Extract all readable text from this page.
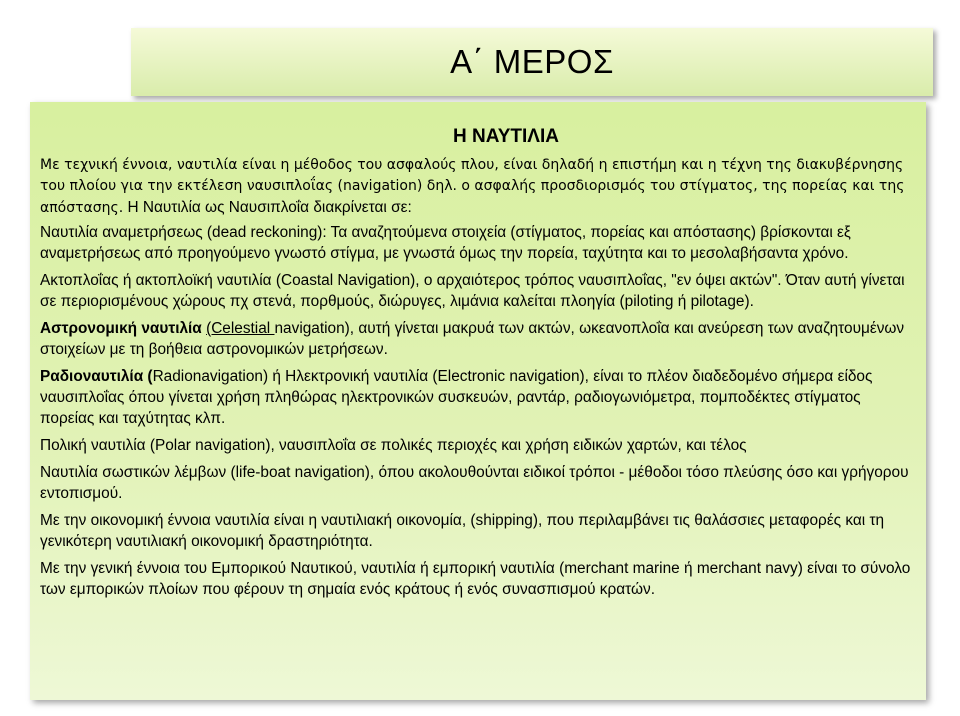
Α΄ ΜΕΡΟΣ
Η ΝΑΥΤΙΛΙΑ

Με τεχνική έννοια, ναυτιλία είναι η μέθοδος του ασφαλούς πλου, είναι δηλαδή η επιστήμη και η τέχνη της διακυβέρνησης του πλοίου για την εκτέλεση ναυσιπλοΐας (navigation) δηλ. ο ασφαλής προσδιορισμός του στίγματος, της πορείας και της απόστασης. Η Ναυτιλία ως Ναυσιπλοΐα διακρίνεται σε:

Ναυτιλία αναμετρήσεως (dead reckoning): Τα αναζητούμενα στοιχεία (στίγματος, πορείας και απόστασης) βρίσκονται εξ αναμετρήσεως από προηγούμενο γνωστό στίγμα, με γνωστά όμως την πορεία, ταχύτητα και το μεσολαβήσαντα χρόνο.

Ακτοπλοΐας ή ακτοπλοϊκή ναυτιλία (Coastal Navigation), ο αρχαιότερος τρόπος ναυσιπλοΐας, "εν όψει ακτών". Όταν αυτή γίνεται σε περιορισμένους χώρους πχ στενά, πορθμούς, διώρυγες, λιμάνια καλείται πλοηγία (piloting ή pilotage).

Αστρονομική ναυτιλία (Celestial navigation), αυτή γίνεται μακρυά των ακτών, ωκεανοπλοΐα και ανεύρεση των αναζητουμένων στοιχείων με τη βοήθεια αστρονομικών μετρήσεων.

Ραδιοναυτιλία (Radionavigation) ή Ηλεκτρονική ναυτιλία (Electronic navigation), είναι το πλέον διαδεδομένο σήμερα είδος ναυσιπλοΐας όπου γίνεται χρήση πληθώρας ηλεκτρονικών συσκευών, ραντάρ, ραδιογωνιόμετρα, πομποδέκτες στίγματος πορείας και ταχύτητας κλπ.

Πολική ναυτιλία (Polar navigation), ναυσιπλοΐα σε πολικές περιοχές και χρήση ειδικών χαρτών, και τέλος

Ναυτιλία σωστικών λέμβων (life-boat navigation), όπου ακολουθούνται ειδικοί τρόποι - μέθοδοι τόσο πλεύσης όσο και γρήγορου εντοπισμού.

Με την οικονομική έννοια ναυτιλία είναι η ναυτιλιακή οικονομία, (shipping), που περιλαμβάνει τις θαλάσσιες μεταφορές και τη γενικότερη ναυτιλιακή οικονομική δραστηριότητα.

Με την γενική έννοια του Εμπορικού Ναυτικού, ναυτιλία ή εμπορική ναυτιλία (merchant marine ή merchant navy) είναι το σύνολο των εμπορικών πλοίων που φέρουν τη σημαία ενός κράτους ή ενός συνασπισμού κρατών.
